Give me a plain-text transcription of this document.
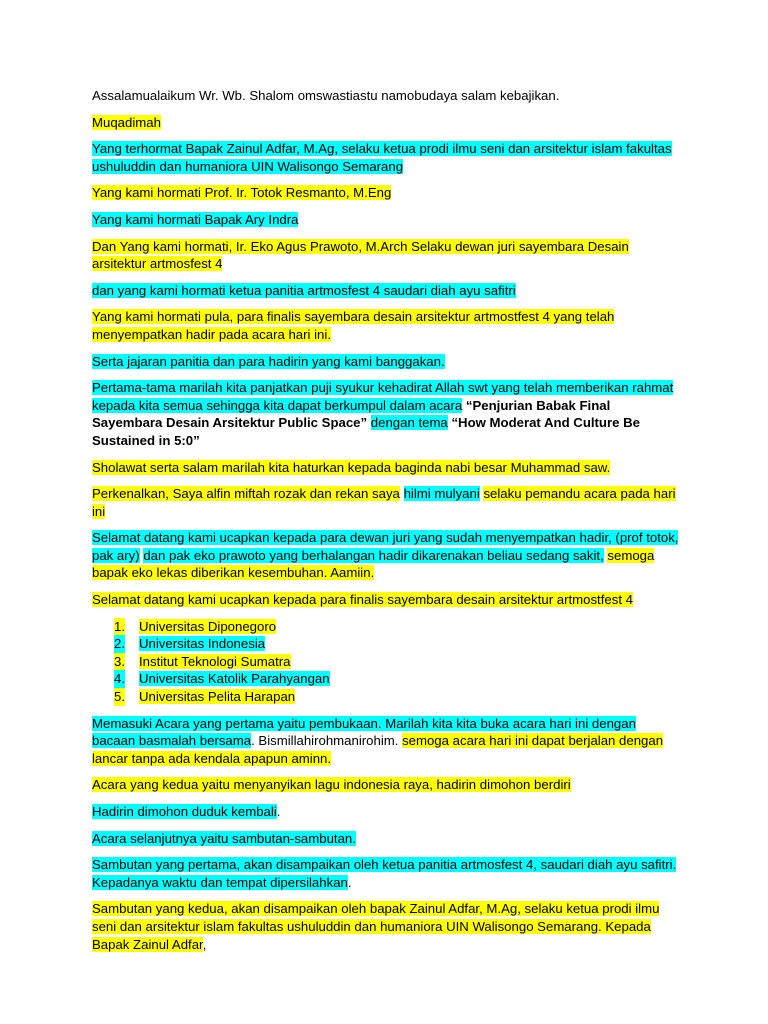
Assalamualaikum Wr. Wb. Shalom omswastiastu namobudaya salam kebajikan.

Muqadimah

Yang terhormat Bapak Zainul Adfar, M.Ag, selaku ketua prodi ilmu seni dan arsitektur islam fakultas ushuluddin dan humaniora UIN Walisongo Semarang

Yang kami hormati Prof. Ir. Totok Resmanto, M.Eng

Yang kami hormati Bapak Ary Indra

Dan Yang kami hormati, Ir. Eko Agus Prawoto, M.Arch Selaku dewan juri sayembara Desain arsitektur artmosfest 4

dan yang kami hormati ketua panitia artmosfest 4 saudari diah ayu safitri

Yang kami hormati pula, para finalis sayembara desain arsitektur artmostfest 4 yang telah menyempatkan hadir pada acara hari ini.

Serta jajaran panitia dan para hadirin yang kami banggakan.

Pertama-tama marilah kita panjatkan puji syukur kehadirat Allah swt yang telah memberikan rahmat kepada kita semua sehingga kita dapat berkumpul dalam acara “Penjurian Babak Final Sayembara Desain Arsitektur Public Space” dengan tema “How Moderat And Culture Be Sustained in 5:0”

Sholawat serta salam marilah kita haturkan kepada baginda nabi besar Muhammad saw.

Perkenalkan, Saya alfin miftah rozak dan rekan saya hilmi mulyani selaku pemandu acara pada hari ini

Selamat datang kami ucapkan kepada para dewan juri yang sudah menyempatkan hadir, (prof totok, pak ary) dan pak eko prawoto yang berhalangan hadir dikarenakan beliau sedang sakit, semoga bapak eko lekas diberikan kesembuhan. Aamiin.

Selamat datang kami ucapkan kepada para finalis sayembara desain arsitektur artmostfest 4

1. Universitas Diponegoro
2. Universitas Indonesia
3. Institut Teknologi Sumatra
4. Universitas Katolik Parahyangan
5. Universitas Pelita Harapan

Memasuki Acara yang pertama yaitu pembukaan. Marilah kita kita buka acara hari ini dengan bacaan basmalah bersama. Bismillahirohmanirohim. semoga acara hari ini dapat berjalan dengan lancar tanpa ada kendala apapun aminn.

Acara yang kedua yaitu menyanyikan lagu indonesia raya, hadirin dimohon berdiri

Hadirin dimohon duduk kembali.

Acara selanjutnya yaitu sambutan-sambutan.

Sambutan yang pertama, akan disampaikan oleh ketua panitia artmosfest 4, saudari diah ayu safitri. Kepadanya waktu dan tempat dipersilahkan.

Sambutan yang kedua, akan disampaikan oleh bapak Zainul Adfar, M.Ag, selaku ketua prodi ilmu seni dan arsitektur islam fakultas ushuluddin dan humaniora UIN Walisongo Semarang. Kepada Bapak Zainul Adfar,
